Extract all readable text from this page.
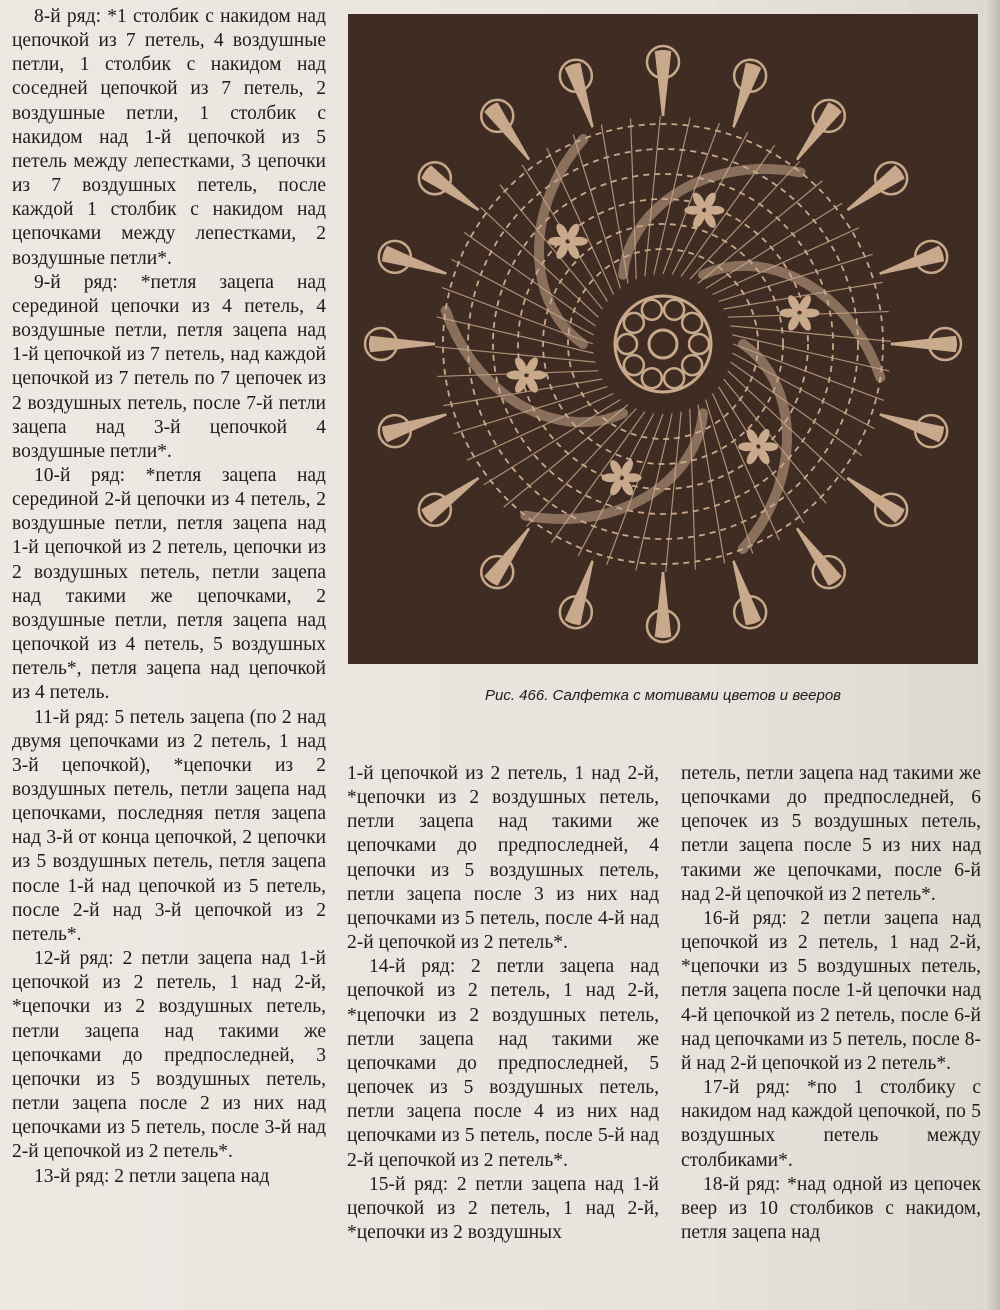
8-й ряд: *1 столбик с накидом над цепочкой из 7 петель, 4 воздушные петли, 1 столбик с накидом над соседней цепочкой из 7 петель, 2 воздушные петли, 1 столбик с накидом над 1-й цепочкой из 5 петель между лепестками, 3 цепочки из 7 воздушных петель, после каждой 1 столбик с накидом над цепочками между лепестками, 2 воздушные петли*.

9-й ряд: *петля зацепа над серединой цепочки из 4 петель, 4 воздушные петли, петля зацепа над 1-й цепочкой из 7 петель, над каждой цепочкой из 7 петель по 7 цепочек из 2 воздушных петель, после 7-й петли зацепа над 3-й цепочкой 4 воздушные петли*.

10-й ряд: *петля зацепа над серединой 2-й цепочки из 4 петель, 2 воздушные петли, петля зацепа над 1-й цепочкой из 2 петель, цепочки из 2 воздушных петель, петли зацепа над такими же цепочками, 2 воздушные петли, петля зацепа над цепочкой из 4 петель, 5 воздушных петель*, петля зацепа над цепочкой из 4 петель.

11-й ряд: 5 петель зацепа (по 2 над двумя цепочками из 2 петель, 1 над 3-й цепочкой), *цепочки из 2 воздушных петель, петли зацепа над цепочками, последняя петля зацепа над 3-й от конца цепочкой, 2 цепочки из 5 воздушных петель, петля зацепа после 1-й над цепочкой из 5 петель, после 2-й над 3-й цепочкой из 2 петель*.

12-й ряд: 2 петли зацепа над 1-й цепочкой из 2 петель, 1 над 2-й, *цепочки из 2 воздушных петель, петли зацепа над такими же цепочками до предпоследней, 3 цепочки из 5 воздушных петель, петли зацепа после 2 из них над цепочками из 5 петель, после 3-й над 2-й цепочкой из 2 петель*.

13-й ряд: 2 петли зацепа над

Рис. 466. Салфетка с мотивами цветов и вееров

1-й цепочкой из 2 петель, 1 над 2-й, *цепочки из 2 воздушных петель, петли зацепа над такими же цепочками до предпоследней, 4 цепочки из 5 воздушных петель, петли зацепа после 3 из них над цепочками из 5 петель, после 4-й над 2-й цепочкой из 2 петель*.

14-й ряд: 2 петли зацепа над цепочкой из 2 петель, 1 над 2-й, *цепочки из 2 воздушных петель, петли зацепа над такими же цепочками до предпоследней, 5 цепочек из 5 воздушных петель, петли зацепа после 4 из них над цепочками из 5 петель, после 5-й над 2-й цепочкой из 2 петель*.

15-й ряд: 2 петли зацепа над 1-й цепочкой из 2 петель, 1 над 2-й, *цепочки из 2 воздушных

петель, петли зацепа над такими же цепочками до предпоследней, 6 цепочек из 5 воздушных петель, петли зацепа после 5 из них над такими же цепочками, после 6-й над 2-й цепочкой из 2 петель*.

16-й ряд: 2 петли зацепа над цепочкой из 2 петель, 1 над 2-й, *цепочки из 5 воздушных петель, петля зацепа после 1-й цепочки над 4-й цепочкой из 2 петель, после 6-й над цепочками из 5 петель, после 8-й над 2-й цепочкой из 2 петель*.

17-й ряд: *по 1 столбику с накидом над каждой цепочкой, по 5 воздушных петель между столбиками*.

18-й ряд: *над одной из цепочек веер из 10 столбиков с накидом, петля зацепа над
